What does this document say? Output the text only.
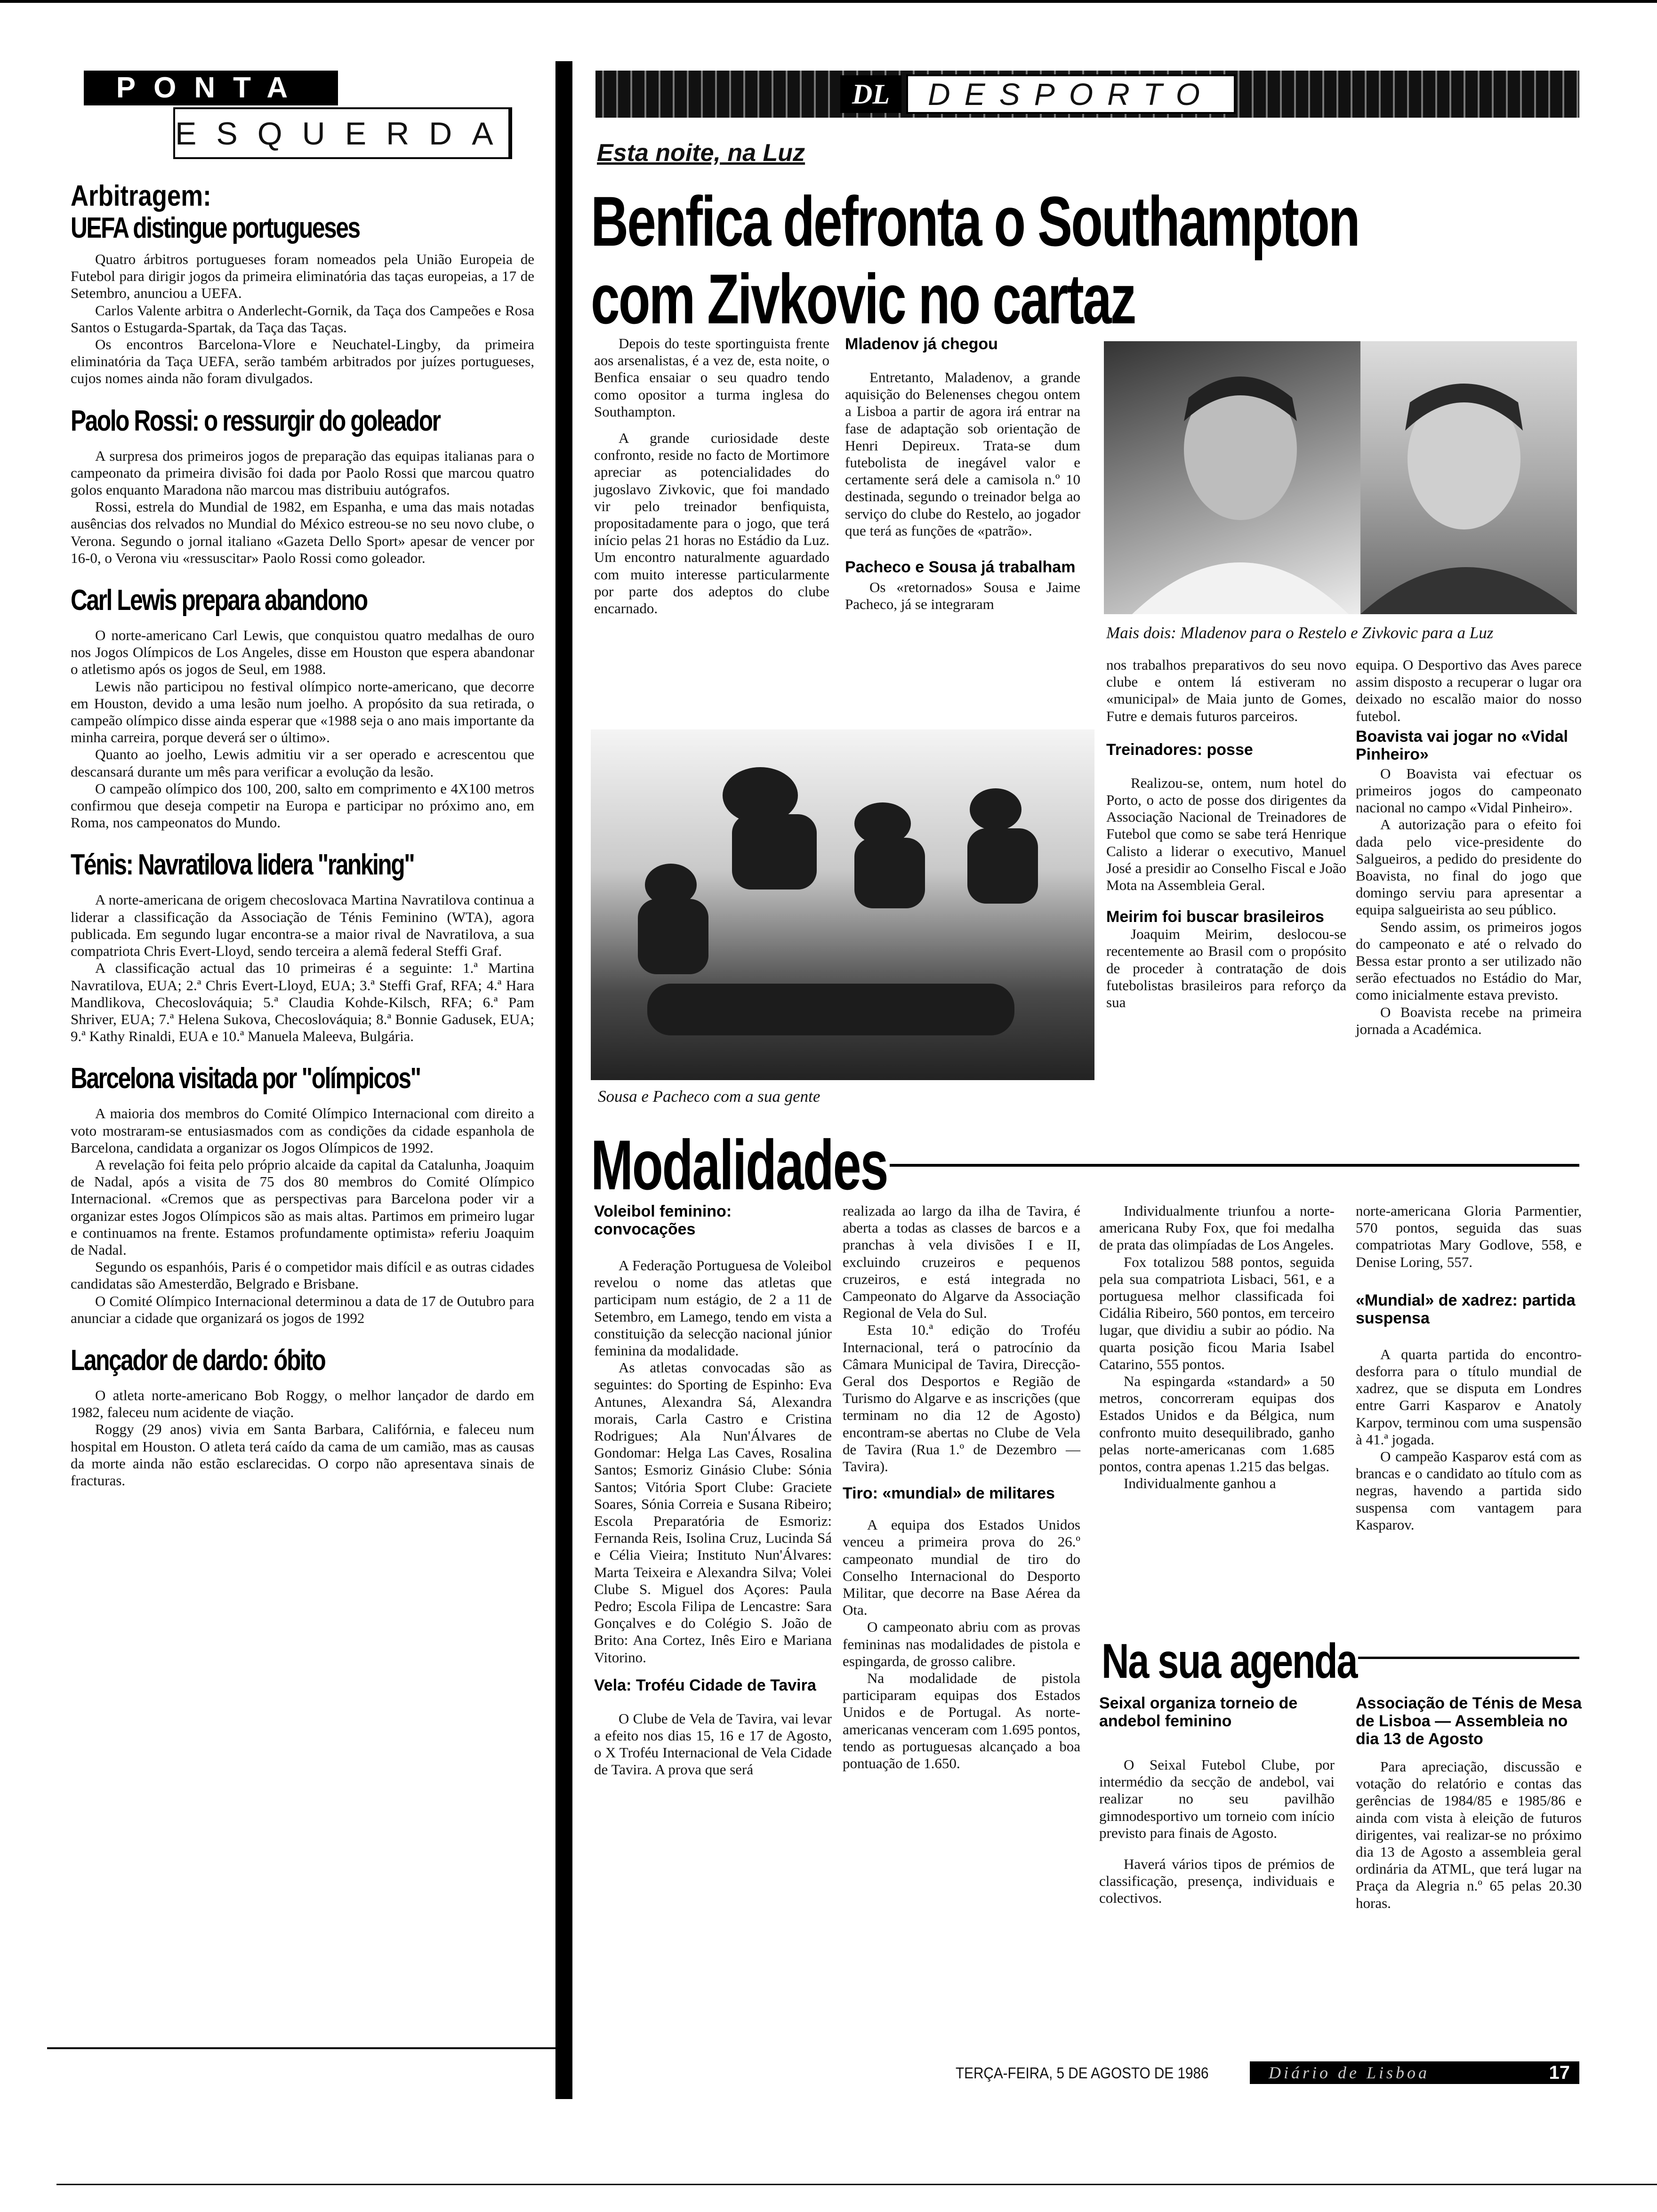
PONTA
ESQUERDA
DL	DESPORTO
Arbitragem:
UEFA distingue portugueses

Quatro árbitros portugueses foram nomeados pela União Europeia de Futebol para dirigir jogos da primeira eliminatória das taças europeias, a 17 de Setembro, anunciou a UEFA.

Carlos Valente arbitra o Anderlecht-Gornik, da Taça dos Campeões e Rosa Santos o Estugarda-Spartak, da Taça das Taças.

Os encontros Barcelona-Vlore e Neuchatel-Lingby, da primeira eliminatória da Taça UEFA, serão também arbitrados por juízes portugueses, cujos nomes ainda não foram divulgados.

Paolo Rossi: o ressurgir do goleador

A surpresa dos primeiros jogos de preparação das equipas italianas para o campeonato da primeira divisão foi dada por Paolo Rossi que marcou quatro golos enquanto Maradona não marcou mas distribuiu autógrafos.

Rossi, estrela do Mundial de 1982, em Espanha, e uma das mais notadas ausências dos relvados no Mundial do México estreou-se no seu novo clube, o Verona. Segundo o jornal italiano «Gazeta Dello Sport» apesar de vencer por 16-0, o Verona viu «ressuscitar» Paolo Rossi como goleador.

Carl Lewis prepara abandono

O norte-americano Carl Lewis, que conquistou quatro medalhas de ouro nos Jogos Olímpicos de Los Angeles, disse em Houston que espera abandonar o atletismo após os jogos de Seul, em 1988.

Lewis não participou no festival olímpico norte-americano, que decorre em Houston, devido a uma lesão num joelho. A propósito da sua retirada, o campeão olímpico disse ainda esperar que «1988 seja o ano mais importante da minha carreira, porque deverá ser o último».

Quanto ao joelho, Lewis admitiu vir a ser operado e acrescentou que descansará durante um mês para verificar a evolução da lesão.

O campeão olímpico dos 100, 200, salto em comprimento e 4X100 metros confirmou que deseja competir na Europa e participar no próximo ano, em Roma, nos campeonatos do Mundo.

Ténis: Navratilova lidera "ranking"

A norte-americana de origem checoslovaca Martina Navratilova continua a liderar a classificação da Associação de Ténis Feminino (WTA), agora publicada. Em segundo lugar encontra-se a maior rival de Navratilova, a sua compatriota Chris Evert-Lloyd, sendo terceira a alemã federal Steffi Graf.

A classificação actual das 10 primeiras é a seguinte: 1.ª Martina Navratilova, EUA; 2.ª Chris Evert-Lloyd, EUA; 3.ª Steffi Graf, RFA; 4.ª Hara Mandlikova, Checoslováquia; 5.ª Claudia Kohde-Kilsch, RFA; 6.ª Pam Shriver, EUA; 7.ª Helena Sukova, Checoslováquia; 8.ª Bonnie Gadusek, EUA; 9.ª Kathy Rinaldi, EUA e 10.ª Manuela Maleeva, Bulgária.

Barcelona visitada por "olímpicos"

A maioria dos membros do Comité Olímpico Internacional com direito a voto mostraram-se entusiasmados com as condições da cidade espanhola de Barcelona, candidata a organizar os Jogos Olímpicos de 1992.

A revelação foi feita pelo próprio alcaide da capital da Catalunha, Joaquim de Nadal, após a visita de 75 dos 80 membros do Comité Olímpico Internacional. «Cremos que as perspectivas para Barcelona poder vir a organizar estes Jogos Olímpicos são as mais altas. Partimos em primeiro lugar e continuamos na frente. Estamos profundamente optimista» referiu Joaquim de Nadal.

Segundo os espanhóis, Paris é o competidor mais difícil e as outras cidades candidatas são Amesterdão, Belgrado e Brisbane.

O Comité Olímpico Internacional determinou a data de 17 de Outubro para anunciar a cidade que organizará os jogos de 1992

Lançador de dardo: óbito

O atleta norte-americano Bob Roggy, o melhor lançador de dardo em 1982, faleceu num acidente de viação.

Roggy (29 anos) vivia em Santa Barbara, Califórnia, e faleceu num hospital em Houston. O atleta terá caído da cama de um camião, mas as causas da morte ainda não estão esclarecidas. O corpo não apresentava sinais de fracturas.

Esta noite, na Luz
Benfica defronta o Southampton
com Zivkovic no cartaz

Depois do teste sportinguista frente aos arsenalistas, é a vez de, esta noite, o Benfica ensaiar o seu quadro tendo como opositor a turma inglesa do Southampton.

A grande curiosidade deste confronto, reside no facto de Mortimore apreciar as potencialidades do jugoslavo Zivkovic, que foi mandado vir pelo treinador benfiquista, propositadamente para o jogo, que terá início pelas 21 horas no Estádio da Luz. Um encontro naturalmente aguardado com muito interesse particularmente por parte dos adeptos do clube encarnado.

Mladenov já chegou

Entretanto, Maladenov, a grande aquisição do Belenenses chegou ontem a Lisboa a partir de agora irá entrar na fase de adaptação sob orientação de Henri Depireux. Trata-se dum futebolista de inegável valor e certamente será dele a camisola n.º 10 destinada, segundo o treinador belga ao serviço do clube do Restelo, ao jogador que terá as funções de «patrão».

Pacheco e Sousa já trabalham

Os «retornados» Sousa e Jaime Pacheco, já se integraram

Mais dois: Mladenov para o Restelo e Zivkovic para a Luz
Sousa e Pacheco com a sua gente

nos trabalhos preparativos do seu novo clube e ontem lá estiveram no «municipal» de Maia junto de Gomes, Futre e demais futuros parceiros.

Treinadores: posse

Realizou-se, ontem, num hotel do Porto, o acto de posse dos dirigentes da Associação Nacional de Treinadores de Futebol que como se sabe terá Henrique Calisto a liderar o executivo, Manuel José a presidir ao Conselho Fiscal e João Mota na Assembleia Geral.

Meirim foi buscar brasileiros

Joaquim Meirim, deslocou-se recentemente ao Brasil com o propósito de proceder à contratação de dois futebolistas brasileiros para reforço da sua

equipa. O Desportivo das Aves parece assim disposto a recuperar o lugar ora deixado no escalão maior do nosso futebol.

Boavista vai jogar no «Vidal Pinheiro»

O Boavista vai efectuar os primeiros jogos do campeonato nacional no campo «Vidal Pinheiro».

A autorização para o efeito foi dada pelo vice-presidente do Salgueiros, a pedido do presidente do Boavista, no final do jogo que domingo serviu para apresentar a equipa salgueirista ao seu público.

Sendo assim, os primeiros jogos do campeonato e até o relvado do Bessa estar pronto a ser utilizado não serão efectuados no Estádio do Mar, como inicialmente estava previsto.

O Boavista recebe na primeira jornada a Académica.

Modalidades
Voleibol feminino: convocações

A Federação Portuguesa de Voleibol revelou o nome das atletas que participam num estágio, de 2 a 11 de Setembro, em Lamego, tendo em vista a constituição da selecção nacional júnior feminina da modalidade.

As atletas convocadas são as seguintes: do Sporting de Espinho: Eva Antunes, Alexandra Sá, Alexandra morais, Carla Castro e Cristina Rodrigues; Ala Nun'Álvares de Gondomar: Helga Las Caves, Rosalina Santos; Esmoriz Ginásio Clube: Sónia Santos; Vitória Sport Clube: Graciete Soares, Sónia Correia e Susana Ribeiro; Escola Preparatória de Esmoriz: Fernanda Reis, Isolina Cruz, Lucinda Sá e Célia Vieira; Instituto Nun'Álvares: Marta Teixeira e Alexandra Silva; Volei Clube S. Miguel dos Açores: Paula Pedro; Escola Filipa de Lencastre: Sara Gonçalves e do Colégio S. João de Brito: Ana Cortez, Inês Eiro e Mariana Vitorino.

Vela: Troféu Cidade de Tavira

O Clube de Vela de Tavira, vai levar a efeito nos dias 15, 16 e 17 de Agosto, o X Troféu Internacional de Vela Cidade de Tavira. A prova que será

realizada ao largo da ilha de Tavira, é aberta a todas as classes de barcos e a pranchas à vela divisões I e II, excluindo cruzeiros e pequenos cruzeiros, e está integrada no Campeonato do Algarve da Associação Regional de Vela do Sul.

Esta 10.ª edição do Troféu Internacional, terá o patrocínio da Câmara Municipal de Tavira, Direcção-Geral dos Desportos e Região de Turismo do Algarve e as inscrições (que terminam no dia 12 de Agosto) encontram-se abertas no Clube de Vela de Tavira (Rua 1.º de Dezembro — Tavira).

Tiro: «mundial» de militares

A equipa dos Estados Unidos venceu a primeira prova do 26.º campeonato mundial de tiro do Conselho Internacional do Desporto Militar, que decorre na Base Aérea da Ota.

O campeonato abriu com as provas femininas nas modalidades de pistola e espingarda, de grosso calibre.

Na modalidade de pistola participaram equipas dos Estados Unidos e de Portugal. As norte-americanas venceram com 1.695 pontos, tendo as portuguesas alcançado a boa pontuação de 1.650.

Individualmente triunfou a norte-americana Ruby Fox, que foi medalha de prata das olimpíadas de Los Angeles.

Fox totalizou 588 pontos, seguida pela sua compatriota Lisbaci, 561, e a portuguesa melhor classificada foi Cidália Ribeiro, 560 pontos, em terceiro lugar, que dividiu a subir ao pódio. Na quarta posição ficou Maria Isabel Catarino, 555 pontos.

Na espingarda «standard» a 50 metros, concorreram equipas dos Estados Unidos e da Bélgica, num confronto muito desequilibrado, ganho pelas norte-americanas com 1.685 pontos, contra apenas 1.215 das belgas.

Individualmente ganhou a

norte-americana Gloria Parmentier, 570 pontos, seguida das suas compatriotas Mary Godlove, 558, e Denise Loring, 557.

«Mundial» de xadrez: partida suspensa

A quarta partida do encontro-desforra para o título mundial de xadrez, que se disputa em Londres entre Garri Kasparov e Anatoly Karpov, terminou com uma suspensão à 41.ª jogada.

O campeão Kasparov está com as brancas e o candidato ao título com as negras, havendo a partida sido suspensa com vantagem para Kasparov.

Na sua agenda
Seixal organiza torneio de andebol feminino

O Seixal Futebol Clube, por intermédio da secção de andebol, vai realizar no seu pavilhão gimnodesportivo um torneio com início previsto para finais de Agosto.

Haverá vários tipos de prémios de classificação, presença, individuais e colectivos.

Associação de Ténis de Mesa de Lisboa — Assembleia no dia 13 de Agosto

Para apreciação, discussão e votação do relatório e contas das gerências de 1984/85 e 1985/86 e ainda com vista à eleição de futuros dirigentes, vai realizar-se no próximo dia 13 de Agosto a assembleia geral ordinária da ATML, que terá lugar na Praça da Alegria n.º 65 pelas 20.30 horas.

TERÇA-FEIRA, 5 DE AGOSTO DE 1986	Diário de Lisboa	17
